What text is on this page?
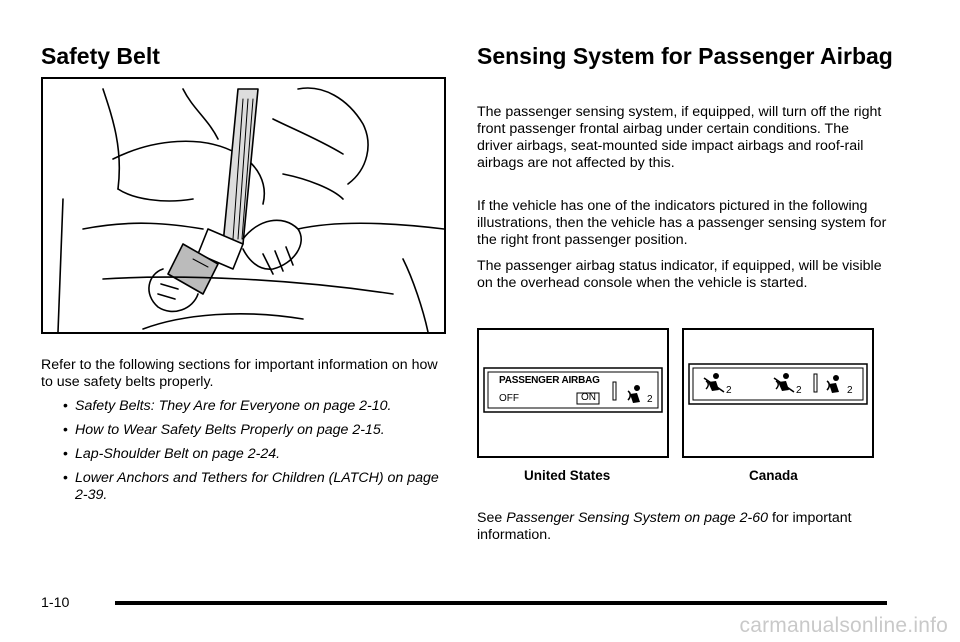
Safety Belt

Refer to the following sections for important information on how to use safety belts properly.

• Safety Belts: They Are for Everyone on page 2-10.
• How to Wear Safety Belts Properly on page 2-15.
• Lap-Shoulder Belt on page 2-24.
• Lower Anchors and Tethers for Children (LATCH) on page 2-39.
Sensing System for Passenger Airbag

The passenger sensing system, if equipped, will turn off the right front passenger frontal airbag under certain conditions. The driver airbags, seat-mounted side impact airbags and roof-rail airbags are not affected by this.

If the vehicle has one of the indicators pictured in the following illustrations, then the vehicle has a passenger sensing system for the right front passenger position.

The passenger airbag status indicator, if equipped, will be visible on the overhead console when the vehicle is started.

See Passenger Sensing System on page 2-60 for important information.

PASSENGER AIRBAG
OFF	ON	2
United States
2	2	2
Canada
1-10
carmanualsonline.info
